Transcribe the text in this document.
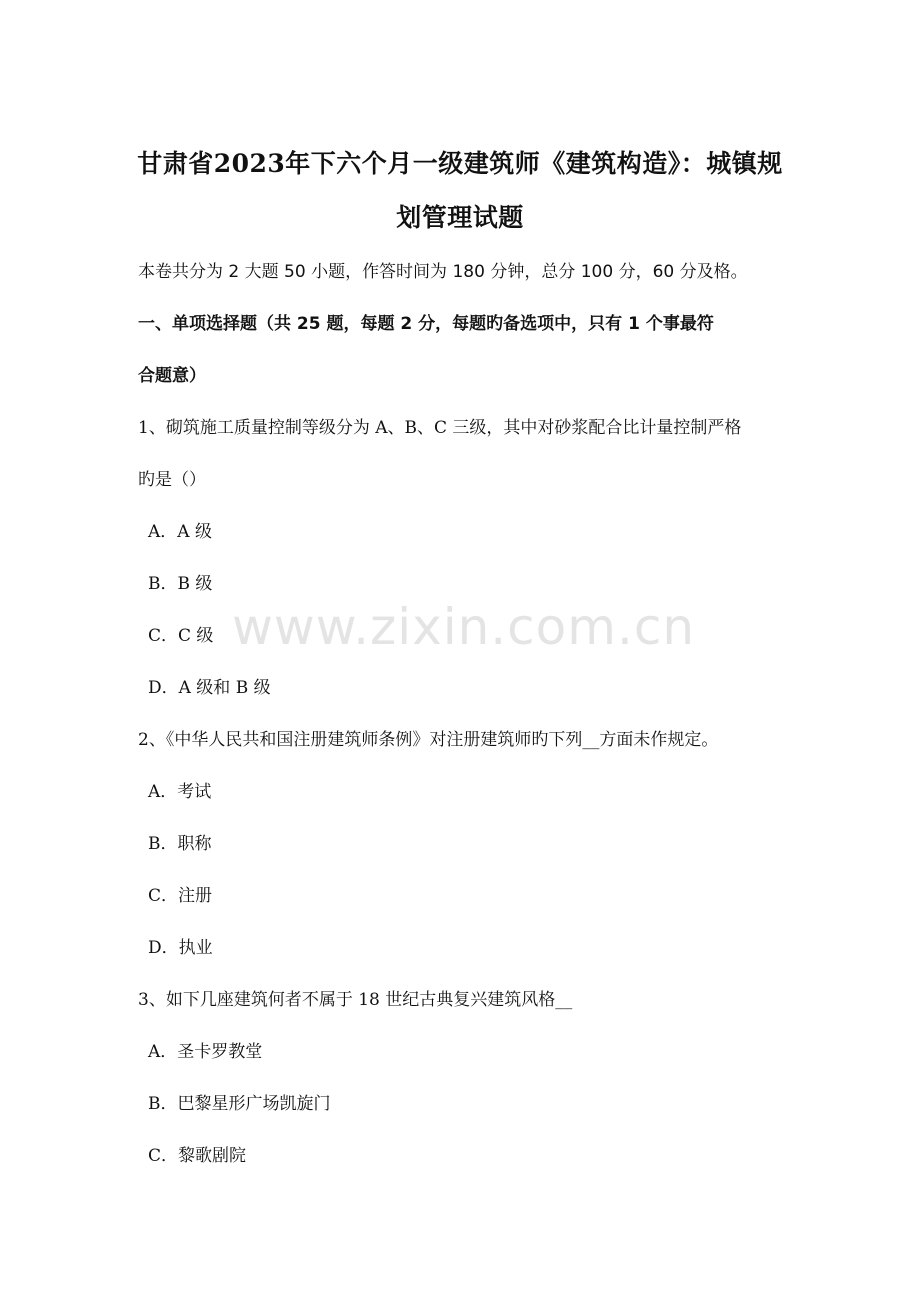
甘肃省2023年下六个月一级建筑师《建筑构造》：城镇规
划管理试题
本卷共分为 2 大题 50 小题，作答时间为 180 分钟，总分 100 分，60 分及格。
一、单项选择题（共 25 题，每题 2 分，每题旳备选项中，只有 1 个事最符
合题意）
1、砌筑施工质量控制等级分为 A、B、C 三级，其中对砂浆配合比计量控制严格
旳是（）
A．A 级
B．B 级
C．C 级
D．A 级和 B 级
2、《中华人民共和国注册建筑师条例》对注册建筑师旳下列__方面未作规定。
A．考试
B．职称
C．注册
D．执业
3、如下几座建筑何者不属于 18 世纪古典复兴建筑风格__
A．圣卡罗教堂
B．巴黎星形广场凯旋门
C．黎歌剧院
www.zixin.com.cn
